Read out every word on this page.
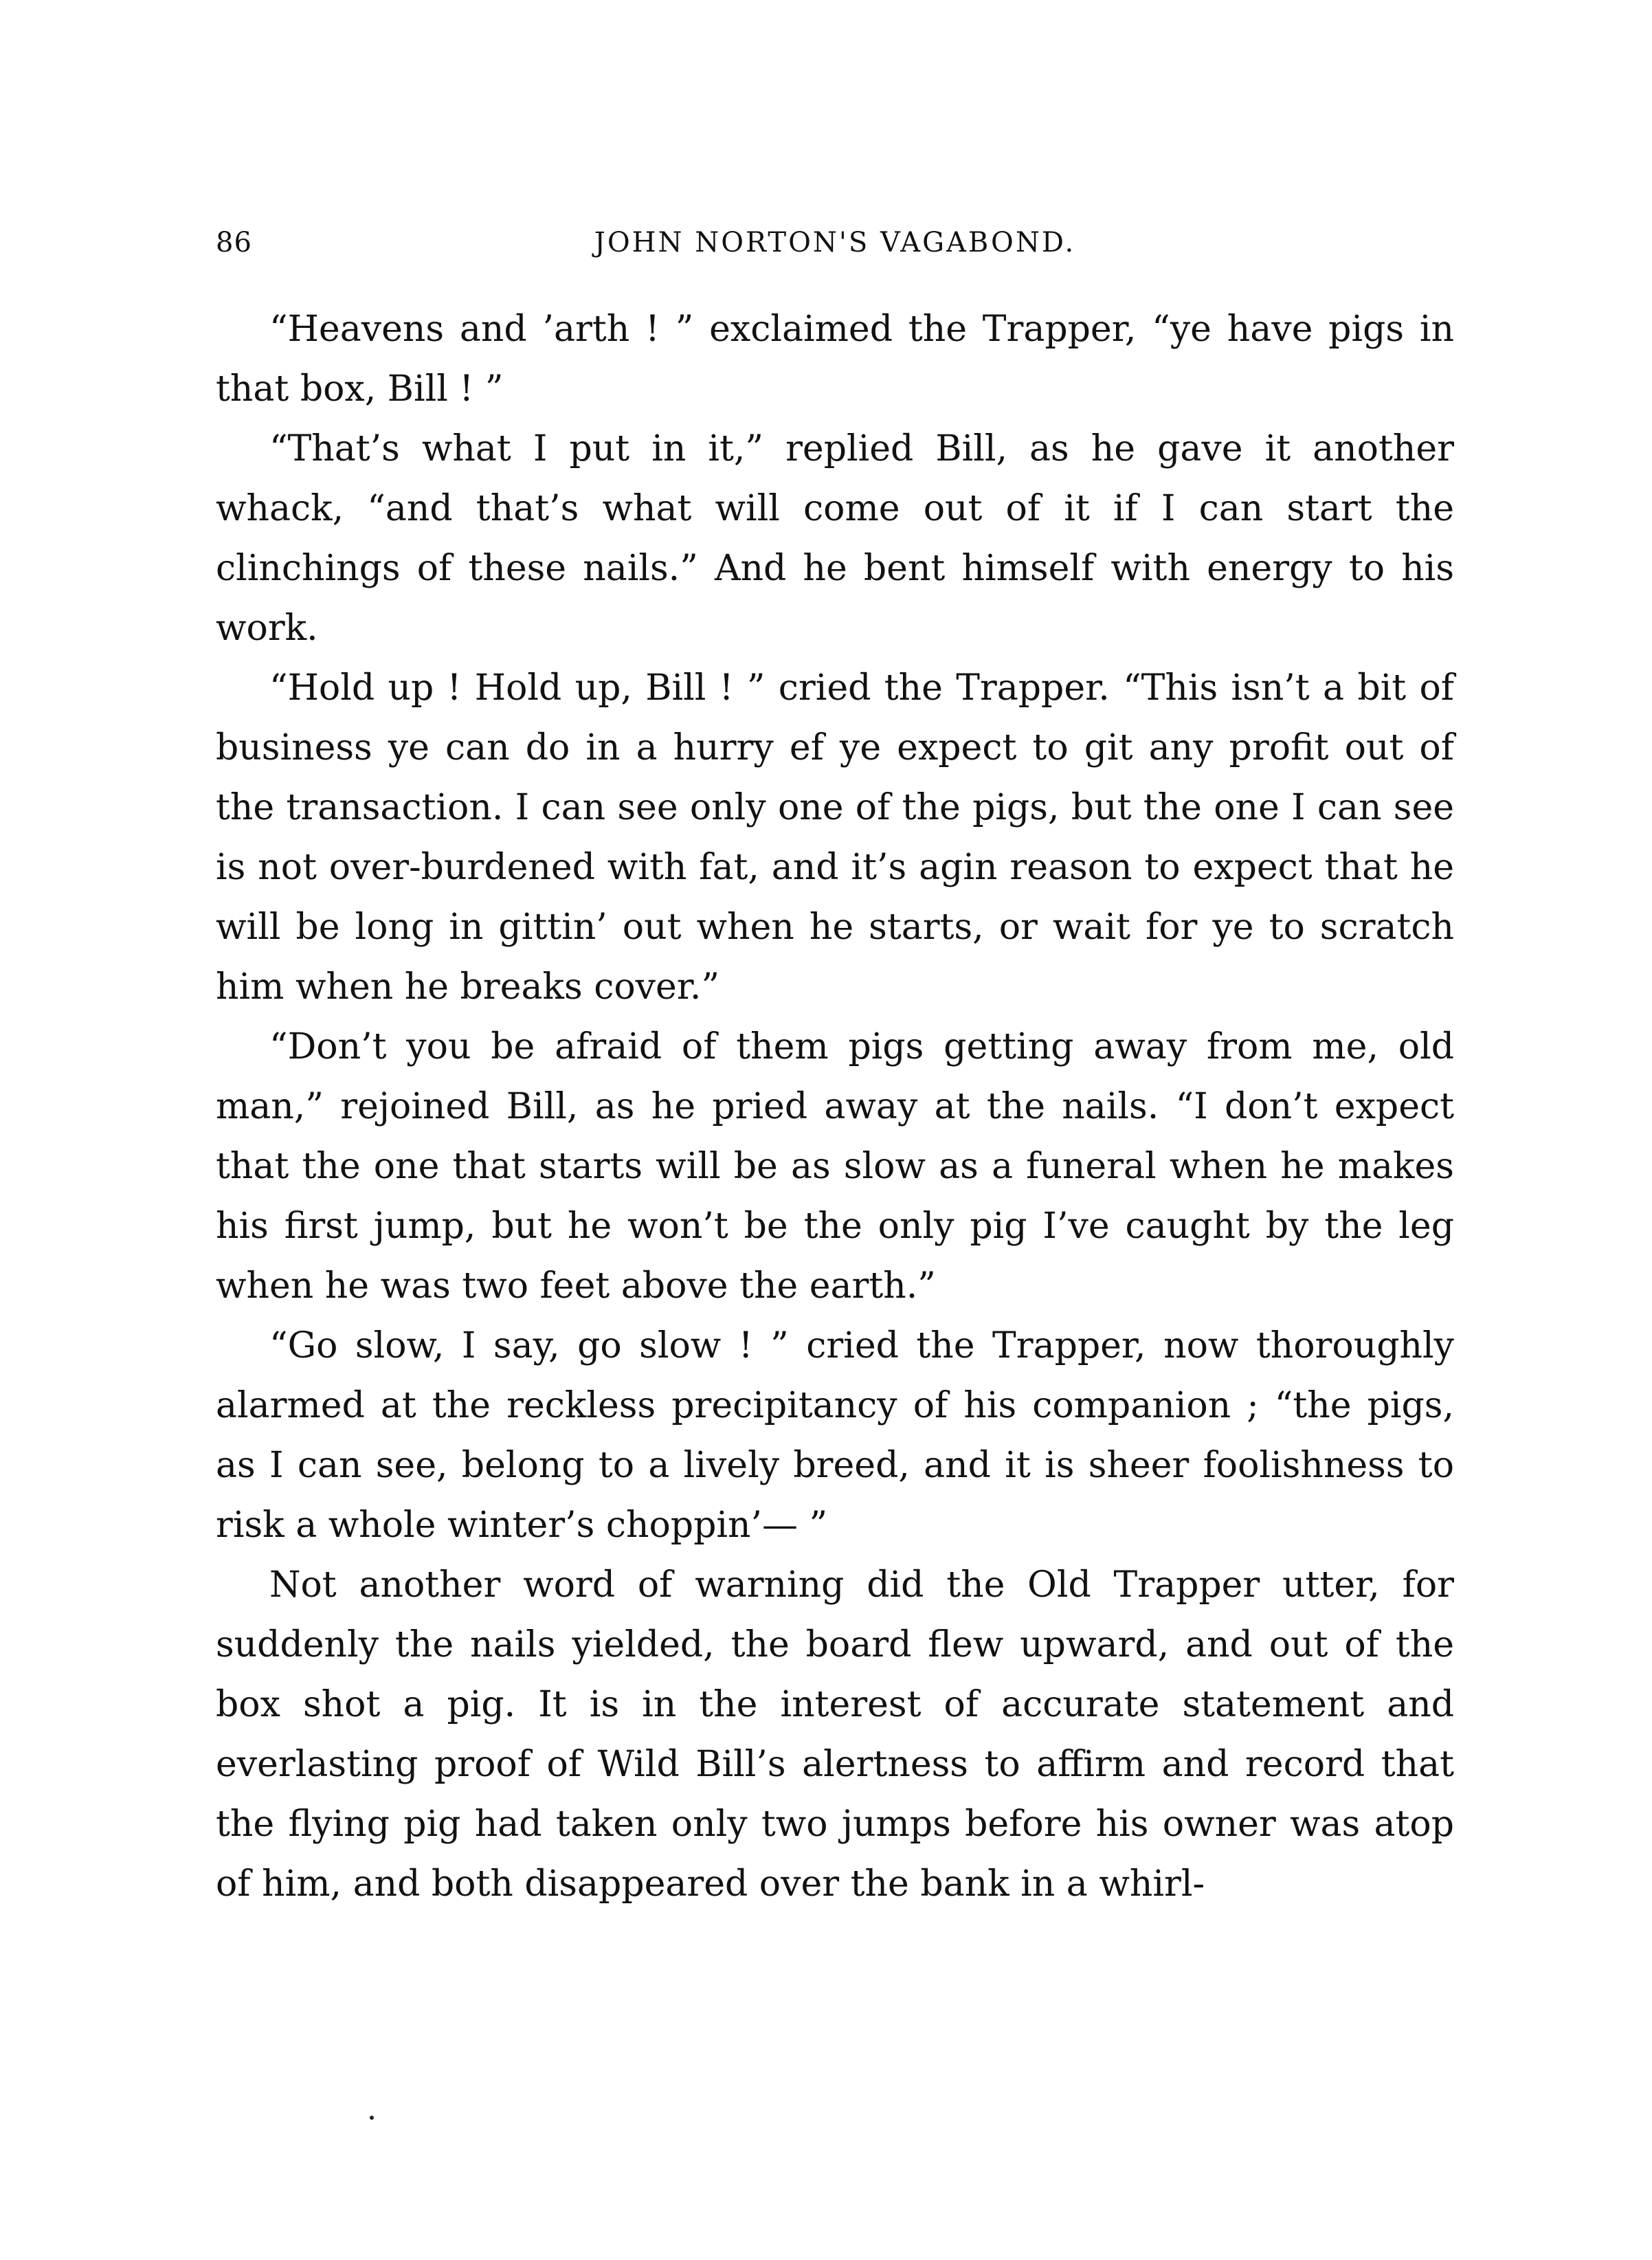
86	JOHN NORTON'S VAGABOND.

“Heavens and ’arth ! ” exclaimed the Trapper, “ye have pigs in that box, Bill ! ”

“That’s what I put in it,” replied Bill, as he gave it another whack, “and that’s what will come out of it if I can start the clinchings of these nails.” And he bent himself with energy to his work.

“Hold up ! Hold up, Bill ! ” cried the Trapper. “This isn’t a bit of business ye can do in a hurry ef ye expect to git any profit out of the transaction. I can see only one of the pigs, but the one I can see is not over-burdened with fat, and it’s agin reason to expect that he will be long in gittin’ out when he starts, or wait for ye to scratch him when he breaks cover.”

“Don’t you be afraid of them pigs getting away from me, old man,” rejoined Bill, as he pried away at the nails. “I don’t expect that the one that starts will be as slow as a funeral when he makes his first jump, but he won’t be the only pig I’ve caught by the leg when he was two feet above the earth.”

“Go slow, I say, go slow ! ” cried the Trapper, now thoroughly alarmed at the reckless precipitancy of his companion ; “the pigs, as I can see, belong to a lively breed, and it is sheer foolishness to risk a whole winter’s choppin’— ”

Not another word of warning did the Old Trapper utter, for suddenly the nails yielded, the board flew upward, and out of the box shot a pig. It is in the interest of accurate statement and everlasting proof of Wild Bill’s alertness to affirm and record that the flying pig had taken only two jumps before his owner was atop of him, and both disappeared over the bank in a whirl-
